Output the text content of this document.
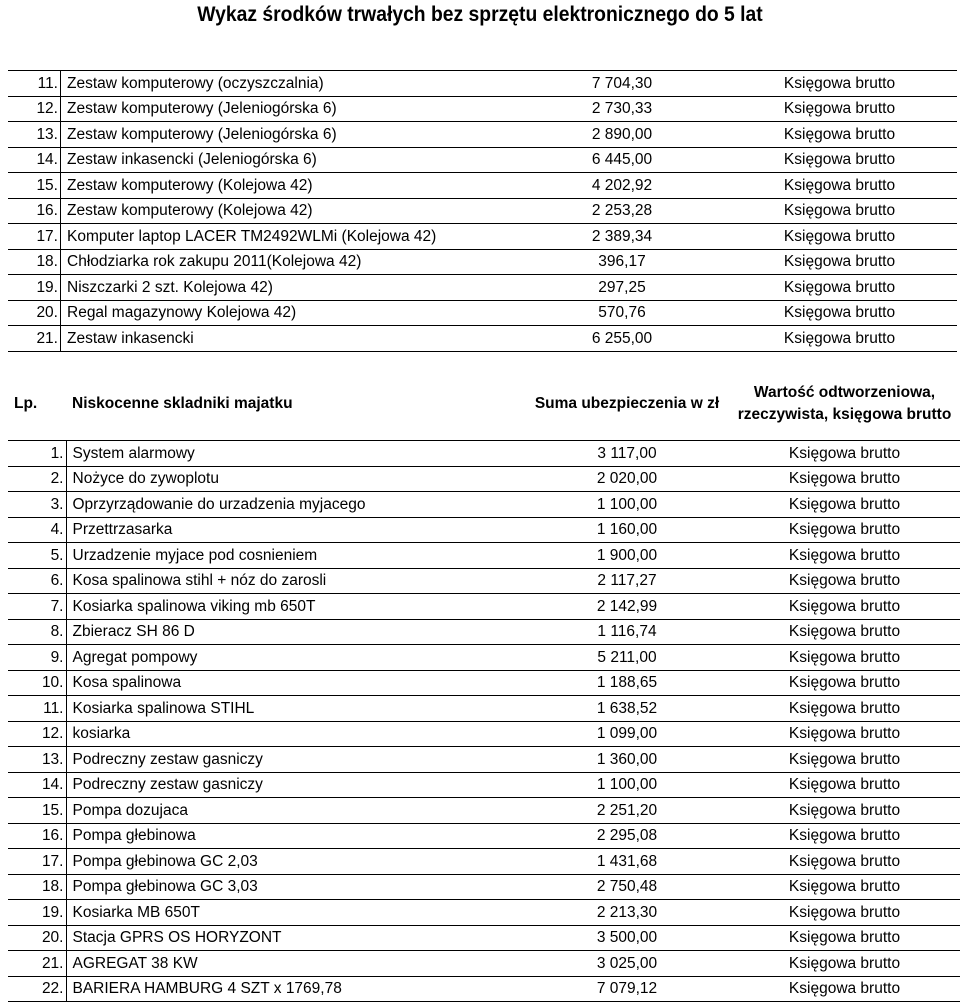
Wykaz środków trwałych bez sprzętu elektronicznego do 5 lat
11.	Zestaw komputerowy (oczyszczalnia)	7 704,30	Księgowa brutto
12.	Zestaw komputerowy (Jeleniogórska 6)	2 730,33	Księgowa brutto
13.	Zestaw komputerowy (Jeleniogórska 6)	2 890,00	Księgowa brutto
14.	Zestaw inkasencki (Jeleniogórska 6)	6 445,00	Księgowa brutto
15.	Zestaw komputerowy (Kolejowa 42)	4 202,92	Księgowa brutto
16.	Zestaw komputerowy (Kolejowa 42)	2 253,28	Księgowa brutto
17.	Komputer laptop LACER TM2492WLMi (Kolejowa 42)	2 389,34	Księgowa brutto
18.	Chłodziarka rok zakupu 2011(Kolejowa 42)	396,17	Księgowa brutto
19.	Niszczarki 2 szt. Kolejowa 42)	297,25	Księgowa brutto
20.	Regal magazynowy Kolejowa 42)	570,76	Księgowa brutto
21.	Zestaw inkasencki	6 255,00	Księgowa brutto
Lp.	Niskocenne skladniki majatku	Suma ubezpieczenia w zł	Wartość odtworzeniowa, rzeczywista, księgowa brutto
1.	System alarmowy	3 117,00	Księgowa brutto
2.	Nożyce do zywoplotu	2 020,00	Księgowa brutto
3.	Oprzyrządowanie do urzadzenia myjacego	1 100,00	Księgowa brutto
4.	Przettrzasarka	1 160,00	Księgowa brutto
5.	Urzadzenie myjace pod cosnieniem	1 900,00	Księgowa brutto
6.	Kosa spalinowa stihl + nóz do zarosli	2 117,27	Księgowa brutto
7.	Kosiarka spalinowa viking mb 650T	2 142,99	Księgowa brutto
8.	Zbieracz SH 86 D	1 116,74	Księgowa brutto
9.	Agregat pompowy	5 211,00	Księgowa brutto
10.	Kosa spalinowa	1 188,65	Księgowa brutto
11.	Kosiarka spalinowa STIHL	1 638,52	Księgowa brutto
12.	kosiarka	1 099,00	Księgowa brutto
13.	Podreczny zestaw gasniczy	1 360,00	Księgowa brutto
14.	Podreczny zestaw gasniczy	1 100,00	Księgowa brutto
15.	Pompa dozujaca	2 251,20	Księgowa brutto
16.	Pompa głebinowa	2 295,08	Księgowa brutto
17.	Pompa głebinowa GC 2,03	1 431,68	Księgowa brutto
18.	Pompa głebinowa GC 3,03	2 750,48	Księgowa brutto
19.	Kosiarka MB 650T	2 213,30	Księgowa brutto
20.	Stacja GPRS OS HORYZONT	3 500,00	Księgowa brutto
21.	AGREGAT 38 KW	3 025,00	Księgowa brutto
22.	BARIERA HAMBURG 4 SZT x 1769,78	7 079,12	Księgowa brutto
